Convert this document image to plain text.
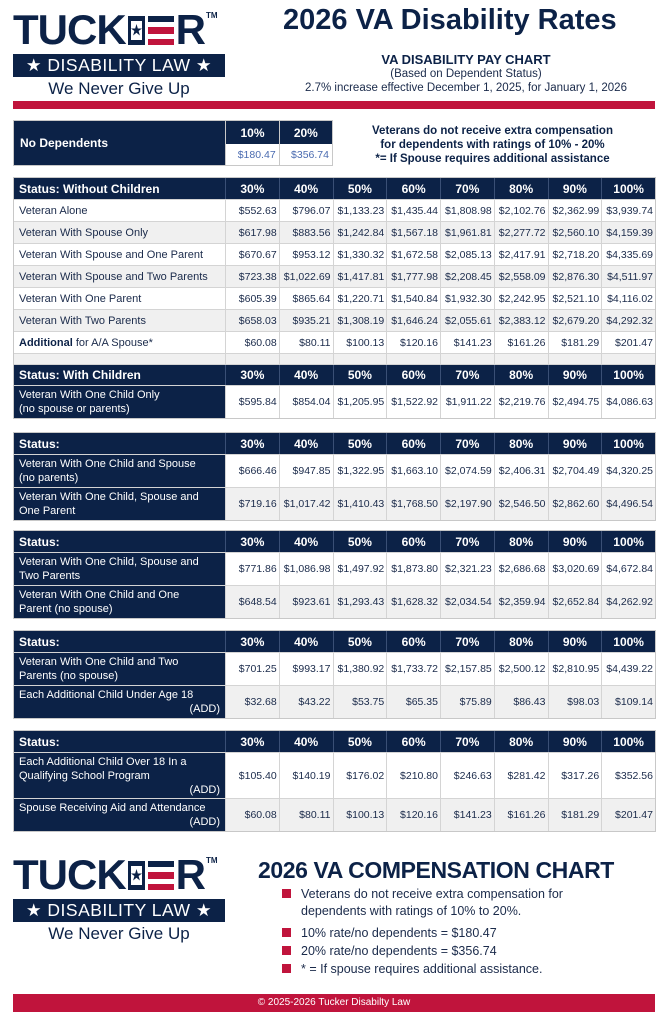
TUCK R TM
★ DISABILITY LAW ★
We Never Give Up
2026 VA Disability Rates
VA DISABILITY PAY CHART
(Based on Dependent Status)
2.7% increase effective December 1, 2025, for January 1, 2026
No Dependents
10%
$180.47
20%
$356.74
Veterans do not receive extra compensation
for dependents with ratings of 10% - 20%
*= If Spouse requires additional assistance
Status: Without Children	30%	40%	50%	60%	70%	80%	90%	100%
Veteran Alone	$552.63	$796.07 $1,133.23 $1,435.44 $1,808.98 $2,102.76 $2,362.99 $3,939.74
Veteran With Spouse Only	$617.98	$883.56 $1,242.84 $1,567.18 $1,961.81 $2,277.72 $2,560.10 $4,159.39
Veteran With Spouse and One Parent	$670.67	$953.12 $1,330.32 $1,672.58 $2,085.13 $2,417.91 $2,718.20 $4,335.69
Veteran With Spouse and Two Parents	$723.38 $1,022.69 $1,417.81 $1,777.98 $2,208.45 $2,558.09 $2,876.30 $4,511.97
Veteran With One Parent	$605.39	$865.64 $1,220.71 $1,540.84 $1,932.30 $2,242.95 $2,521.10 $4,116.02
Veteran With Two Parents	$658.03	$935.21 $1,308.19 $1,646.24 $2,055.61 $2,383.12 $2,679.20 $4,292.32
Additional for A/A Spouse*	$60.08	$80.11	$100.13	$120.16	$141.23	$161.26	$181.29	$201.47
Status: With Children	30%	40%	50%	60%	70%	80%	90%	100%
Veteran With One Child Only
(no spouse or parents)
$595.84	$854.04 $1,205.95 $1,522.92 $1,911.22 $2,219.76 $2,494.75 $4,086.63
Status:	30%	40%	50%	60%	70%	80%	90%	100%
Veteran With One Child and Spouse
(no parents)
$666.46	$947.85 $1,322.95 $1,663.10 $2,074.59 $2,406.31 $2,704.49 $4,320.25
Veteran With One Child, Spouse and
One Parent
$719.16 $1,017.42 $1,410.43 $1,768.50 $2,197.90 $2,546.50 $2,862.60 $4,496.54
Status:	30%	40%	50%	60%	70%	80%	90%	100%
Veteran With One Child, Spouse and
Two Parents
$771.86 $1,086.98 $1,497.92 $1,873.80 $2,321.23 $2,686.68 $3,020.69 $4,672.84
Veteran With One Child and One
Parent (no spouse)
$648.54	$923.61 $1,293.43 $1,628.32 $2,034.54 $2,359.94 $2,652.84 $4,262.92
Status:	30%	40%	50%	60%	70%	80%	90%	100%
Veteran With One Child and Two
Parents (no spouse)
$701.25	$993.17 $1,380.92 $1,733.72 $2,157.85 $2,500.12 $2,810.95 $4,439.22
Each Additional Child Under Age 18
(ADD)
$32.68	$43.22	$53.75	$65.35	$75.89	$86.43	$98.03	$109.14
Status:	30%	40%	50%	60%	70%	80%	90%	100%
Each Additional Child Over 18 In a
Qualifying School Program
(ADD)
$105.40	$140.19	$176.02	$210.80	$246.63	$281.42	$317.26	$352.56
Spouse Receiving Aid and Attendance
(ADD)
$60.08	$80.11	$100.13	$120.16	$141.23	$161.26	$181.29	$201.47
TUCK R TM
★ DISABILITY LAW ★
We Never Give Up
2026 VA COMPENSATION CHART
Veterans do not receive extra compensation for dependents with ratings of 10% to 20%.
10% rate/no dependents = $180.47
20% rate/no dependents = $356.74
* = If spouse requires additional assistance.
© 2025-2026 Tucker Disabilty Law
